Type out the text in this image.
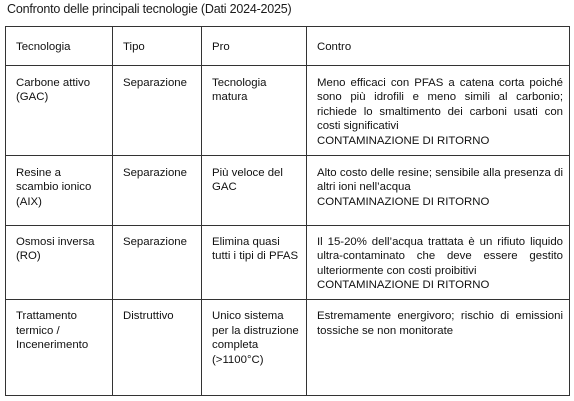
Confronto delle principali tecnologie (Dati 2024-2025)
Tecnologia	Tipo	Pro	Contro
Carbone attivo (GAC)	Separazione	Tecnologia matura	Meno efficaci con PFAS a catena corta poiché sono più idrofili e meno simili al carbonio; richiede lo smaltimento dei carboni usati con costi significativi
CONTAMINAZIONE DI RITORNO

Resine a scambio ionico (AIX)	Separazione	Più veloce del GAC	Alto costo delle resine; sensibile alla presenza di altri ioni nell’acqua
CONTAMINAZIONE DI RITORNO

Osmosi inversa (RO)	Separazione	Elimina quasi tutti i tipi di PFAS	Il 15-20% dell’acqua trattata è un rifiuto liquido ultra-contaminato che deve essere gestito ulteriormente con costi proibitivi
CONTAMINAZIONE DI RITORNO

Trattamento termico / Incenerimento	Distruttivo	Unico sistema per la distruzione completa (>1100°C)	Estremamente energivoro; rischio di emissioni tossiche se non monitorate
